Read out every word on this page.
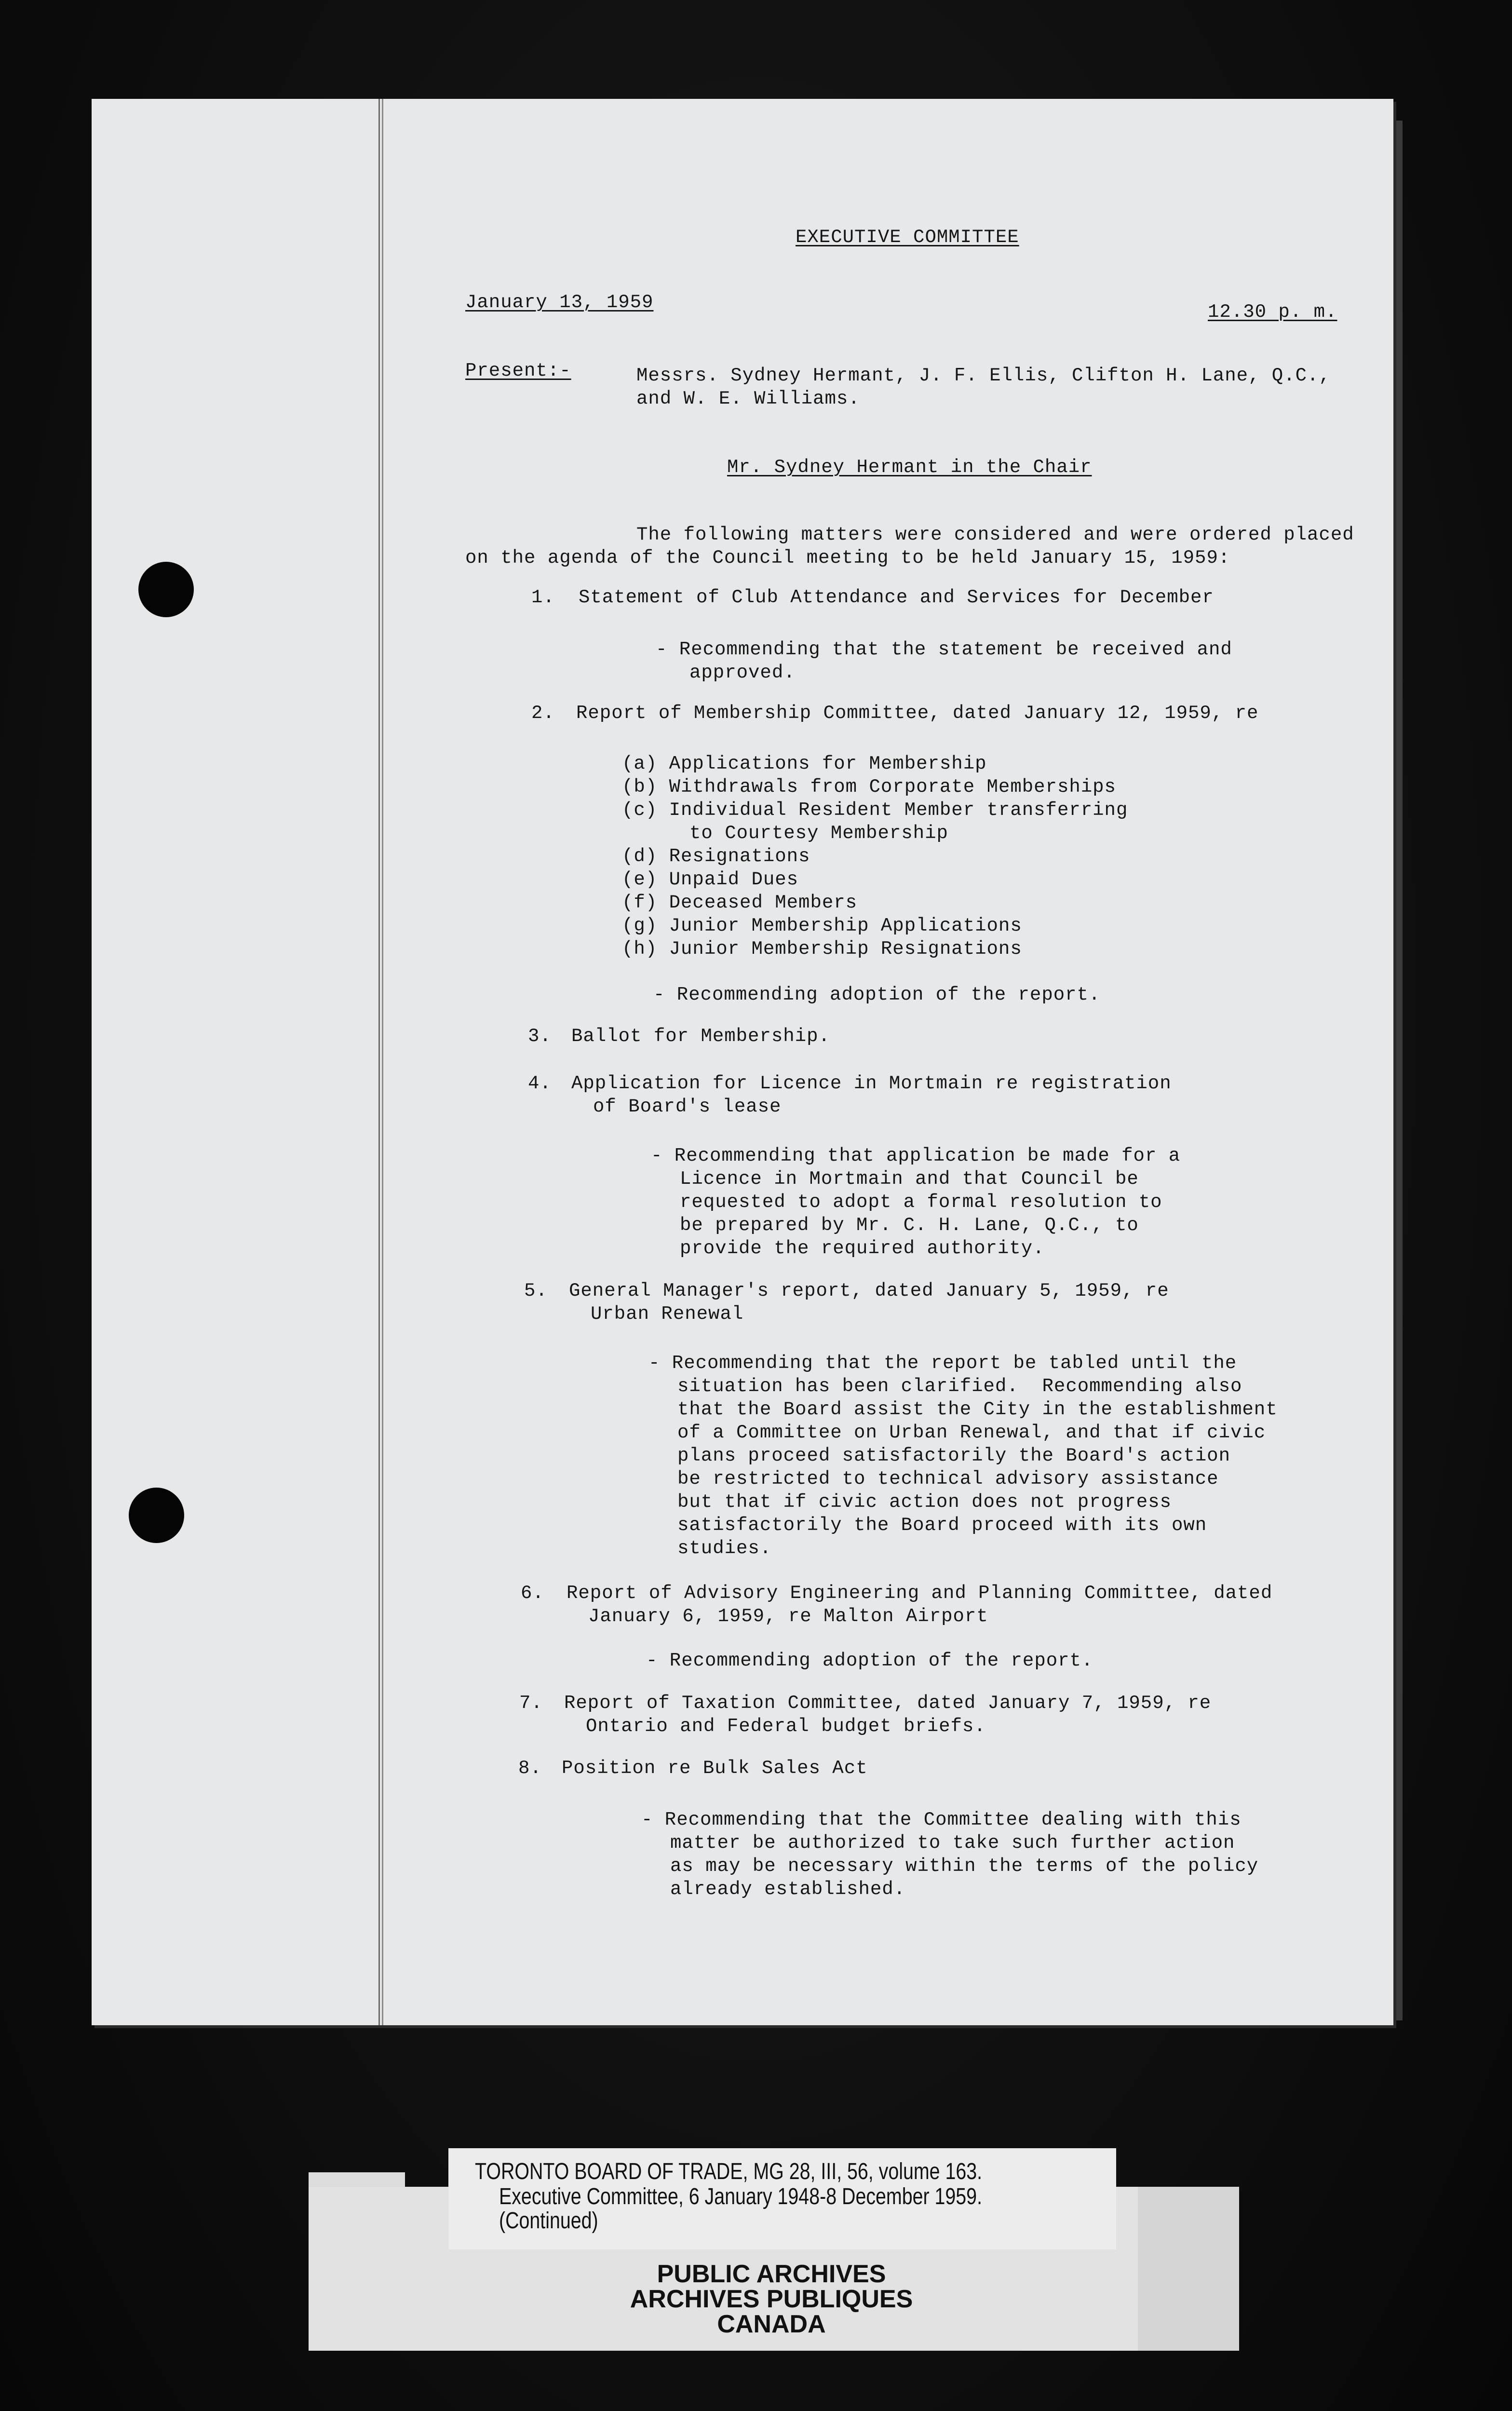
EXECUTIVE COMMITTEE
January 13, 1959	12.30 p. m.
Present:-	Messrs. Sydney Hermant, J. F. Ellis, Clifton H. Lane, Q.C.,
and W. E. Williams.
Mr. Sydney Hermant in the Chair
The following matters were considered and were ordered placed
on the agenda of the Council meeting to be held January 15, 1959:
1. Statement of Club Attendance and Services for December
- Recommending that the statement be received and
approved.
2. Report of Membership Committee, dated January 12, 1959, re
(a) Applications for Membership
(b) Withdrawals from Corporate Memberships
(c) Individual Resident Member transferring
to Courtesy Membership
(d) Resignations
(e) Unpaid Dues
(f) Deceased Members
(g) Junior Membership Applications
(h) Junior Membership Resignations
- Recommending adoption of the report.
3. Ballot for Membership.
4. Application for Licence in Mortmain re registration
of Board's lease
- Recommending that application be made for a
Licence in Mortmain and that Council be
requested to adopt a formal resolution to
be prepared by Mr. C. H. Lane, Q.C., to
provide the required authority.
5. General Manager's report, dated January 5, 1959, re
Urban Renewal
- Recommending that the report be tabled until the
situation has been clarified.  Recommending also
that the Board assist the City in the establishment
of a Committee on Urban Renewal, and that if civic
plans proceed satisfactorily the Board's action
be restricted to technical advisory assistance
but that if civic action does not progress
satisfactorily the Board proceed with its own
studies.
6. Report of Advisory Engineering and Planning Committee, dated
January 6, 1959, re Malton Airport
- Recommending adoption of the report.
7. Report of Taxation Committee, dated January 7, 1959, re
Ontario and Federal budget briefs.
8. Position re Bulk Sales Act
- Recommending that the Committee dealing with this
matter be authorized to take such further action
as may be necessary within the terms of the policy
already established.
TORONTO BOARD OF TRADE, MG 28, III, 56, volume 163.
Executive Committee, 6 January 1948-8 December 1959.
(Continued)
PUBLIC ARCHIVES
ARCHIVES PUBLIQUES
CANADA
